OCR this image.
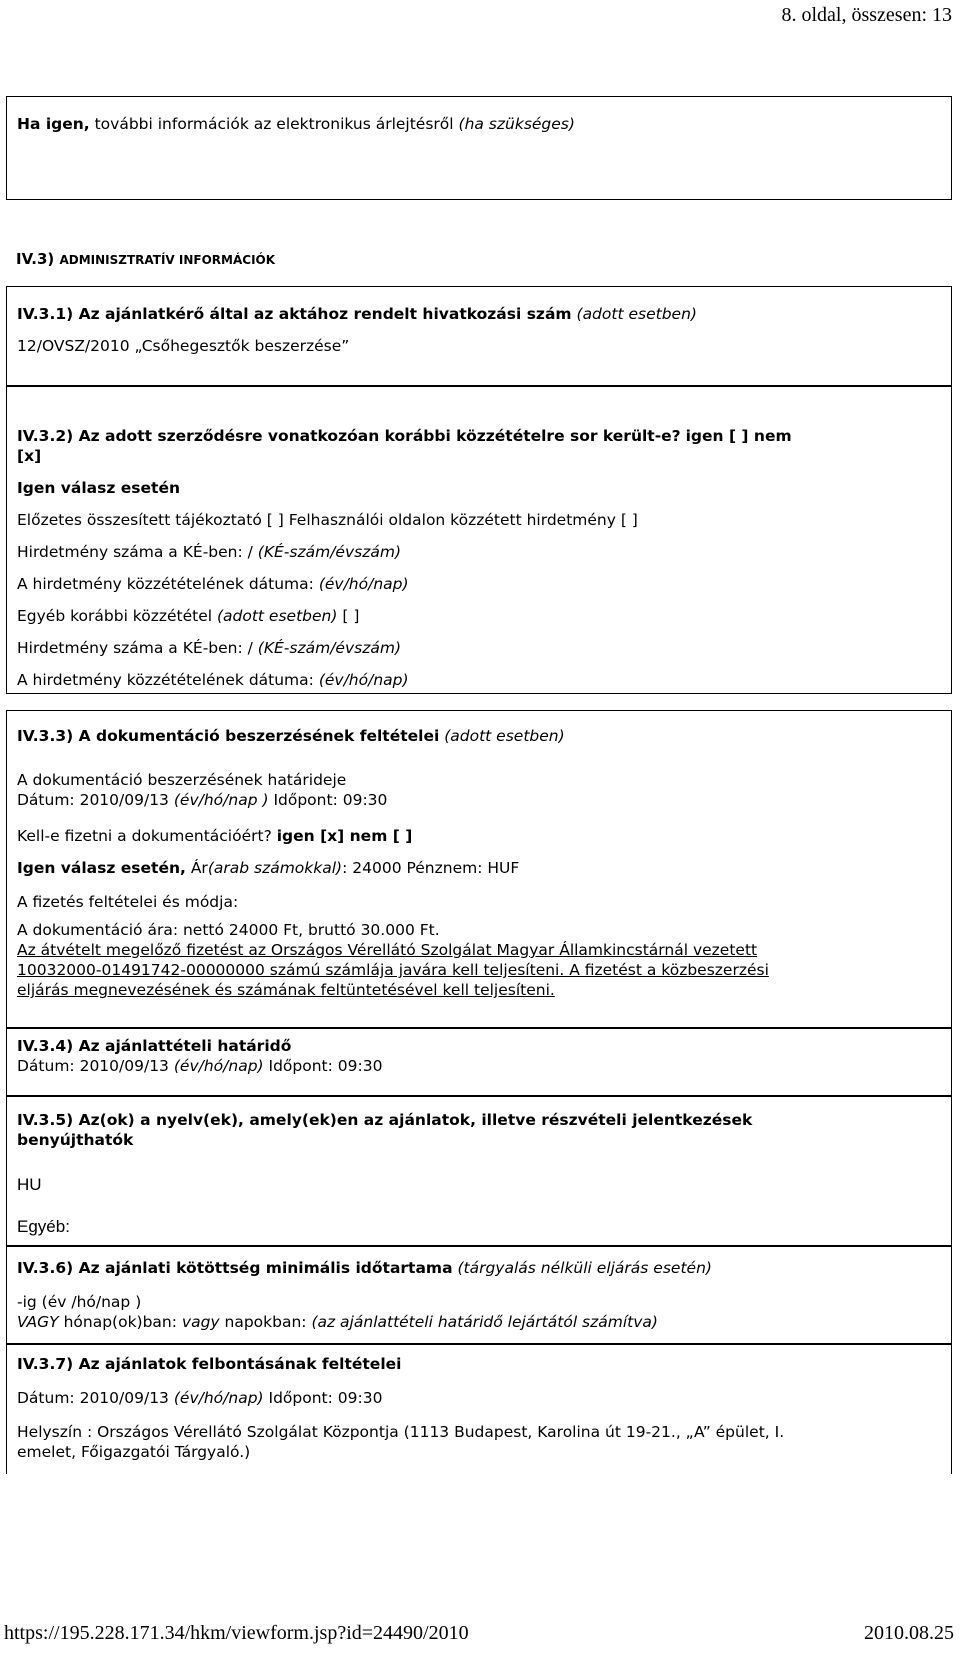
8. oldal, összesen: 13
Ha igen, további információk az elektronikus árlejtésről (ha szükséges)
IV.3) ADMINISZTRATÍV INFORMÁCIÓK
IV.3.1) Az ajánlatkérő által az aktához rendelt hivatkozási szám (adott esetben)
12/OVSZ/2010 „Csőhegesztők beszerzése”
IV.3.2) Az adott szerződésre vonatkozóan korábbi közzétételre sor került-e? igen [ ] nem
[x]
Igen válasz esetén
Előzetes összesített tájékoztató [ ] Felhasználói oldalon közzétett hirdetmény [ ]
Hirdetmény száma a KÉ-ben: / (KÉ-szám/évszám)
A hirdetmény közzétételének dátuma: (év/hó/nap)
Egyéb korábbi közzététel (adott esetben) [ ]
Hirdetmény száma a KÉ-ben: / (KÉ-szám/évszám)
A hirdetmény közzétételének dátuma: (év/hó/nap)
IV.3.3) A dokumentáció beszerzésének feltételei (adott esetben)
A dokumentáció beszerzésének határideje
Dátum: 2010/09/13 (év/hó/nap ) Időpont: 09:30
Kell-e fizetni a dokumentációért? igen [x] nem [ ]
Igen válasz esetén, Ár(arab számokkal): 24000 Pénznem: HUF
A fizetés feltételei és módja:
A dokumentáció ára: nettó 24000 Ft, bruttó 30.000 Ft.
Az átvételt megelőző fizetést az Országos Vérellátó Szolgálat Magyar Államkincstárnál vezetett
10032000-01491742-00000000 számú számlája javára kell teljesíteni. A fizetést a közbeszerzési
eljárás megnevezésének és számának feltüntetésével kell teljesíteni.
IV.3.4) Az ajánlattételi határidő
Dátum: 2010/09/13 (év/hó/nap) Időpont: 09:30
IV.3.5) Az(ok) a nyelv(ek), amely(ek)en az ajánlatok, illetve részvételi jelentkezések
benyújthatók
HU
Egyéb:
IV.3.6) Az ajánlati kötöttség minimális időtartama (tárgyalás nélküli eljárás esetén)
-ig (év /hó/nap )
VAGY hónap(ok)ban: vagy napokban: (az ajánlattételi határidő lejártától számítva)
IV.3.7) Az ajánlatok felbontásának feltételei
Dátum: 2010/09/13 (év/hó/nap) Időpont: 09:30
Helyszín : Országos Vérellátó Szolgálat Központja (1113 Budapest, Karolina út 19-21., „A” épület, I.
emelet, Főigazgatói Tárgyaló.)
https://195.228.171.34/hkm/viewform.jsp?id=24490/2010	2010.08.25
